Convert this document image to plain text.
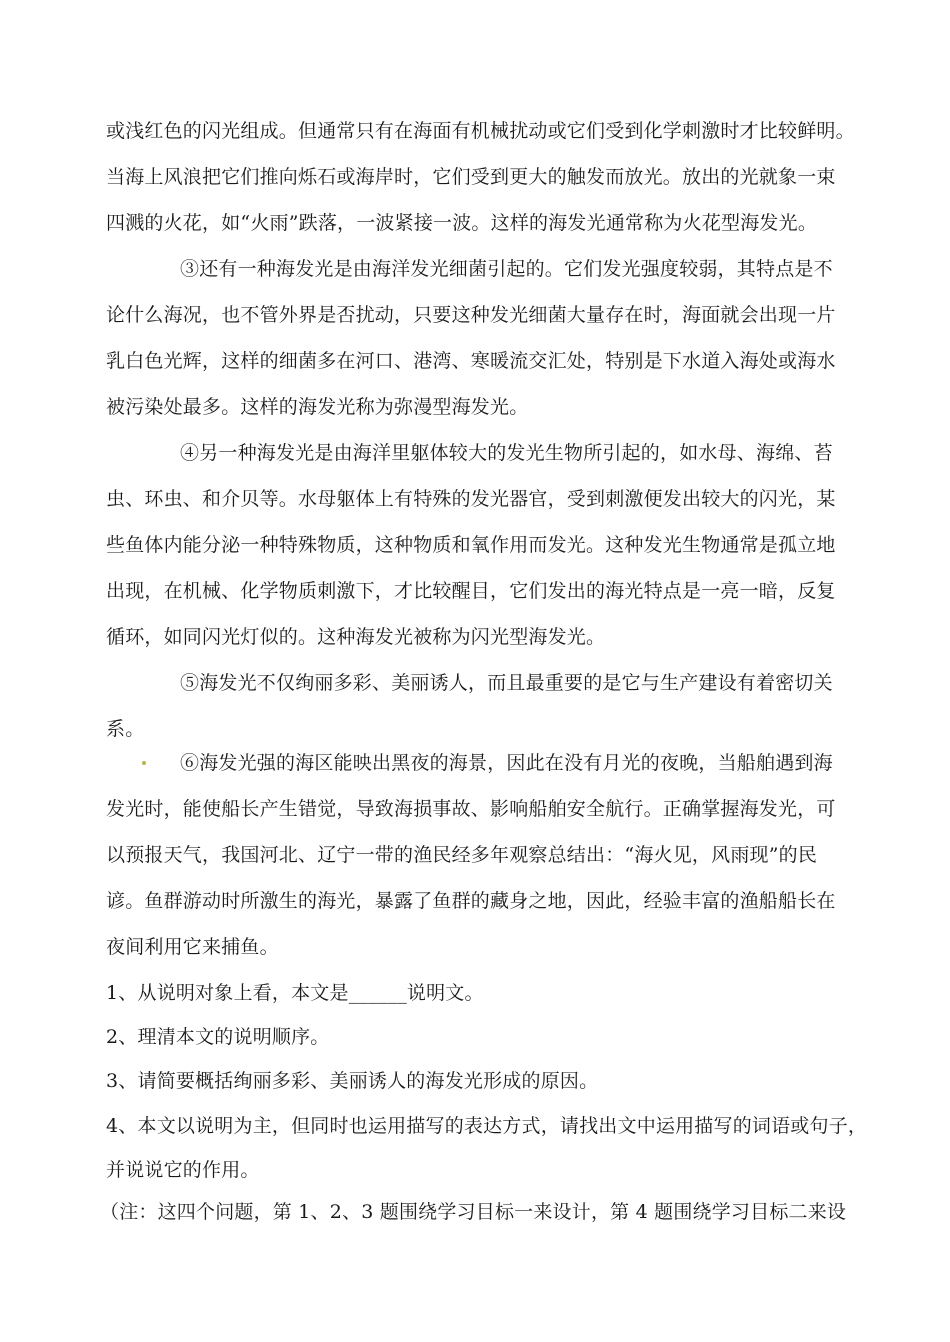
或浅红色的闪光组成。但通常只有在海面有机械扰动或它们受到化学刺激时才比较鲜明。
当海上风浪把它们推向烁石或海岸时，它们受到更大的触发而放光。放出的光就象一束
四溅的火花，如“火雨”跌落，一波紧接一波。这样的海发光通常称为火花型海发光。
③还有一种海发光是由海洋发光细菌引起的。它们发光强度较弱，其特点是不
论什么海况，也不管外界是否扰动，只要这种发光细菌大量存在时，海面就会出现一片
乳白色光辉，这样的细菌多在河口、港湾、寒暖流交汇处，特别是下水道入海处或海水
被污染处最多。这样的海发光称为弥漫型海发光。
④另一种海发光是由海洋里躯体较大的发光生物所引起的，如水母、海绵、苔
虫、环虫、和介贝等。水母躯体上有特殊的发光器官，受到刺激便发出较大的闪光，某
些鱼体内能分泌一种特殊物质，这种物质和氧作用而发光。这种发光生物通常是孤立地
出现，在机械、化学物质刺激下，才比较醒目，它们发出的海光特点是一亮一暗，反复
循环，如同闪光灯似的。这种海发光被称为闪光型海发光。
⑤海发光不仅绚丽多彩、美丽诱人，而且最重要的是它与生产建设有着密切关
系。
⑥海发光强的海区能映出黑夜的海景，因此在没有月光的夜晚，当船舶遇到海
发光时，能使船长产生错觉，导致海损事故、影响船舶安全航行。正确掌握海发光，可
以预报天气，我国河北、辽宁一带的渔民经多年观察总结出：“海火见，风雨现”的民
谚。鱼群游动时所激生的海光，暴露了鱼群的藏身之地，因此，经验丰富的渔船船长在
夜间利用它来捕鱼。
1、从说明对象上看，本文是______说明文。
2、理清本文的说明顺序。
3、请简要概括绚丽多彩、美丽诱人的海发光形成的原因。
4、本文以说明为主，但同时也运用描写的表达方式，请找出文中运用描写的词语或句子，
并说说它的作用。
（注：这四个问题，第 1、2、3 题围绕学习目标一来设计，第 4 题围绕学习目标二来设
